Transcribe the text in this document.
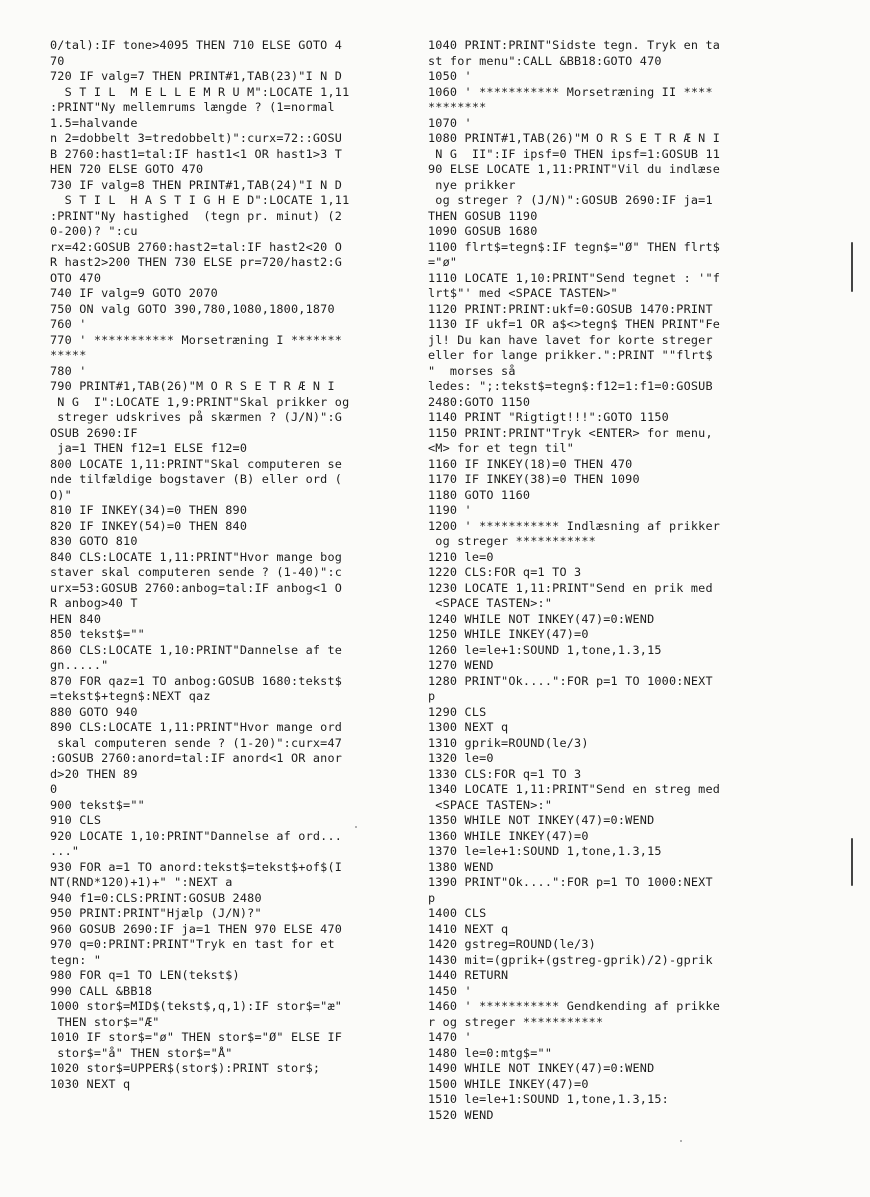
0/tal):IF tone>4095 THEN 710 ELSE GOTO 4
70
720 IF valg=7 THEN PRINT#1,TAB(23)"I N D
S T I L  M E L L E M R U M":LOCATE 1,11
:PRINT"Ny mellemrums længde ? (1=normal
1.5=halvande
n 2=dobbelt 3=tredobbelt)":curx=72::GOSU
B 2760:hast1=tal:IF hast1<1 OR hast1>3 T
HEN 720 ELSE GOTO 470
730 IF valg=8 THEN PRINT#1,TAB(24)"I N D
S T I L  H A S T I G H E D":LOCATE 1,11
:PRINT"Ny hastighed  (tegn pr. minut) (2
0-200)? ":cu
rx=42:GOSUB 2760:hast2=tal:IF hast2<20 O
R hast2>200 THEN 730 ELSE pr=720/hast2:G
OTO 470
740 IF valg=9 GOTO 2070
750 ON valg GOTO 390,780,1080,1800,1870
760 '
770 ' *********** Morsetræning I *******
*****
780 '
790 PRINT#1,TAB(26)"M O R S E T R Æ N I
N G  I":LOCATE 1,9:PRINT"Skal prikker og
streger udskrives på skærmen ? (J/N)":G
OSUB 2690:IF
ja=1 THEN f12=1 ELSE f12=0
800 LOCATE 1,11:PRINT"Skal computeren se
nde tilfældige bogstaver (B) eller ord (
O)"
810 IF INKEY(34)=0 THEN 890
820 IF INKEY(54)=0 THEN 840
830 GOTO 810
840 CLS:LOCATE 1,11:PRINT"Hvor mange bog
staver skal computeren sende ? (1-40)":c
urx=53:GOSUB 2760:anbog=tal:IF anbog<1 O
R anbog>40 T
HEN 840
850 tekst$=""
860 CLS:LOCATE 1,10:PRINT"Dannelse af te
gn....."
870 FOR qaz=1 TO anbog:GOSUB 1680:tekst$
=tekst$+tegn$:NEXT qaz
880 GOTO 940
890 CLS:LOCATE 1,11:PRINT"Hvor mange ord
skal computeren sende ? (1-20)":curx=47
:GOSUB 2760:anord=tal:IF anord<1 OR anor
d>20 THEN 89
0
900 tekst$=""
910 CLS
920 LOCATE 1,10:PRINT"Dannelse af ord...
..."
930 FOR a=1 TO anord:tekst$=tekst$+of$(I
NT(RND*120)+1)+" ":NEXT a
940 f1=0:CLS:PRINT:GOSUB 2480
950 PRINT:PRINT"Hjælp (J/N)?"
960 GOSUB 2690:IF ja=1 THEN 970 ELSE 470
970 q=0:PRINT:PRINT"Tryk en tast for et
tegn: "
980 FOR q=1 TO LEN(tekst$)
990 CALL &BB18
1000 stor$=MID$(tekst$,q,1):IF stor$="æ"
THEN stor$="Æ"
1010 IF stor$="ø" THEN stor$="Ø" ELSE IF
stor$="å" THEN stor$="Å"
1020 stor$=UPPER$(stor$):PRINT stor$;
1030 NEXT q
1040 PRINT:PRINT"Sidste tegn. Tryk en ta
st for menu":CALL &BB18:GOTO 470
1050 '
1060 ' *********** Morsetræning II ****
********
1070 '
1080 PRINT#1,TAB(26)"M O R S E T R Æ N I
N G  II":IF ipsf=0 THEN ipsf=1:GOSUB 11
90 ELSE LOCATE 1,11:PRINT"Vil du indlæse
nye prikker
og streger ? (J/N)":GOSUB 2690:IF ja=1
THEN GOSUB 1190
1090 GOSUB 1680
1100 flrt$=tegn$:IF tegn$="Ø" THEN flrt$
="ø"
1110 LOCATE 1,10:PRINT"Send tegnet : '"f
lrt$"' med <SPACE TASTEN>"
1120 PRINT:PRINT:ukf=0:GOSUB 1470:PRINT
1130 IF ukf=1 OR a$<>tegn$ THEN PRINT"Fe
jl! Du kan have lavet for korte streger
eller for lange prikker.":PRINT ""flrt$
"  morses så
ledes: ";:tekst$=tegn$:f12=1:f1=0:GOSUB
2480:GOTO 1150
1140 PRINT "Rigtigt!!!":GOTO 1150
1150 PRINT:PRINT"Tryk <ENTER> for menu,
<M> for et tegn til"
1160 IF INKEY(18)=0 THEN 470
1170 IF INKEY(38)=0 THEN 1090
1180 GOTO 1160
1190 '
1200 ' *********** Indlæsning af prikker
og streger ***********
1210 le=0
1220 CLS:FOR q=1 TO 3
1230 LOCATE 1,11:PRINT"Send en prik med
<SPACE TASTEN>:"
1240 WHILE NOT INKEY(47)=0:WEND
1250 WHILE INKEY(47)=0
1260 le=le+1:SOUND 1,tone,1.3,15
1270 WEND
1280 PRINT"Ok....":FOR p=1 TO 1000:NEXT
p
1290 CLS
1300 NEXT q
1310 gprik=ROUND(le/3)
1320 le=0
1330 CLS:FOR q=1 TO 3
1340 LOCATE 1,11:PRINT"Send en streg med
<SPACE TASTEN>:"
1350 WHILE NOT INKEY(47)=0:WEND
1360 WHILE INKEY(47)=0
1370 le=le+1:SOUND 1,tone,1.3,15
1380 WEND
1390 PRINT"Ok....":FOR p=1 TO 1000:NEXT
p
1400 CLS
1410 NEXT q
1420 gstreg=ROUND(le/3)
1430 mit=(gprik+(gstreg-gprik)/2)-gprik
1440 RETURN
1450 '
1460 ' *********** Gendkending af prikke
r og streger ***********
1470 '
1480 le=0:mtg$=""
1490 WHILE NOT INKEY(47)=0:WEND
1500 WHILE INKEY(47)=0
1510 le=le+1:SOUND 1,tone,1.3,15:
1520 WEND
